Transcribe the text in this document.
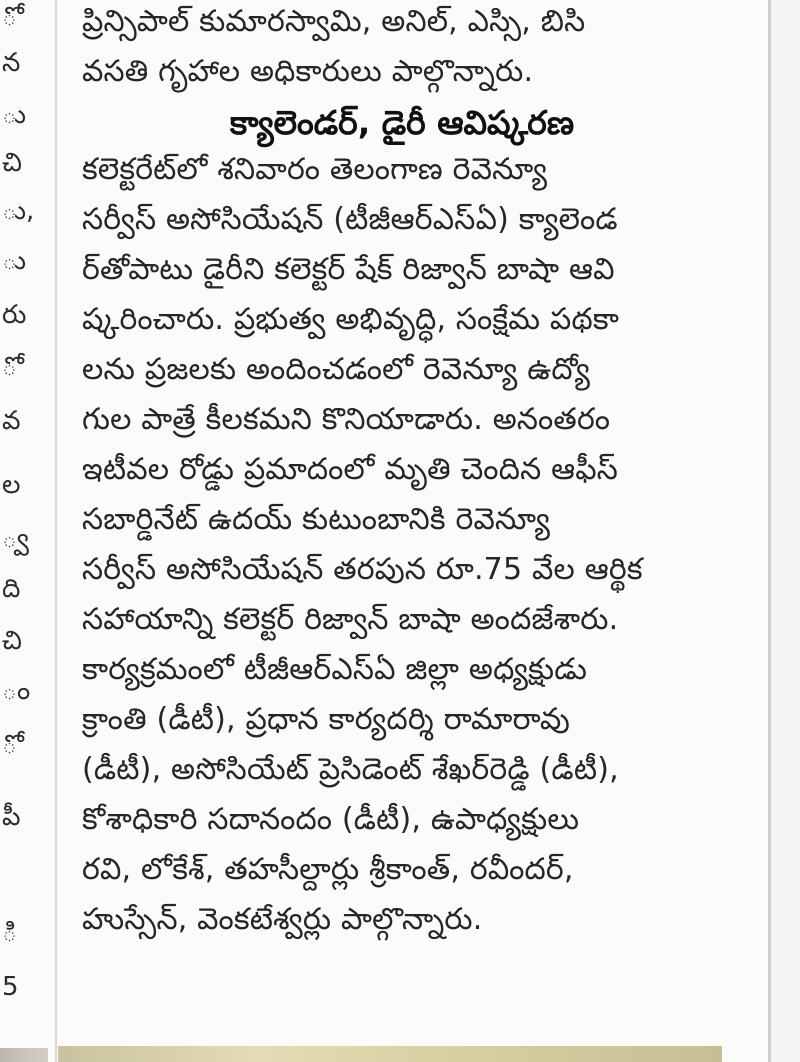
ో
న
ు
చి
ు,
ు
రు
ో
వ
ల
్వ
ది
చి
ం
ో
పీ
ి
5
ప్రిన్సిపాల్ కుమారస్వామి, అనిల్, ఎస్సి, బిసి
వసతి గృహాల అధికారులు పాల్గొన్నారు.
క్యాలెండర్, డైరీ ఆవిష్కరణ
కలెక్టరేట్‌లో శనివారం తెలంగాణ రెవెన్యూ
సర్వీస్ అసోసియేషన్ (టీజీఆర్ఎస్ఏ) క్యాలెండ
ర్‌తోపాటు డైరీని కలెక్టర్ షేక్ రిజ్వాన్ బాషా ఆవి
ష్కరించారు. ప్రభుత్వ అభివృద్ధి, సంక్షేమ పథకా
లను ప్రజలకు అందించడంలో రెవెన్యూ ఉద్యో
గుల పాత్రే కీలకమని కొనియాడారు. అనంతరం
ఇటీవల రోడ్డు ప్రమాదంలో మృతి చెందిన ఆఫీస్
సబార్డినేట్ ఉదయ్ కుటుంబానికి రెవెన్యూ
సర్వీస్ అసోసియేషన్ తరపున రూ.75 వేల ఆర్థిక
సహాయాన్ని కలెక్టర్ రిజ్వాన్ బాషా అందజేశారు.
కార్యక్రమంలో టీజీఆర్ఎస్ఏ జిల్లా అధ్యక్షుడు
క్రాంతి (డీటీ), ప్రధాన కార్యదర్శి రామారావు
(డీటీ), అసోసియేట్ ప్రెసిడెంట్ శేఖర్‌రెడ్డి (డీటీ),
కోశాధికారి సదానందం (డీటీ), ఉపాధ్యక్షులు
రవి, లోకేశ్, తహసీల్దార్లు శ్రీకాంత్, రవీందర్,
హుస్సేన్, వెంకటేశ్వర్లు పాల్గొన్నారు.
